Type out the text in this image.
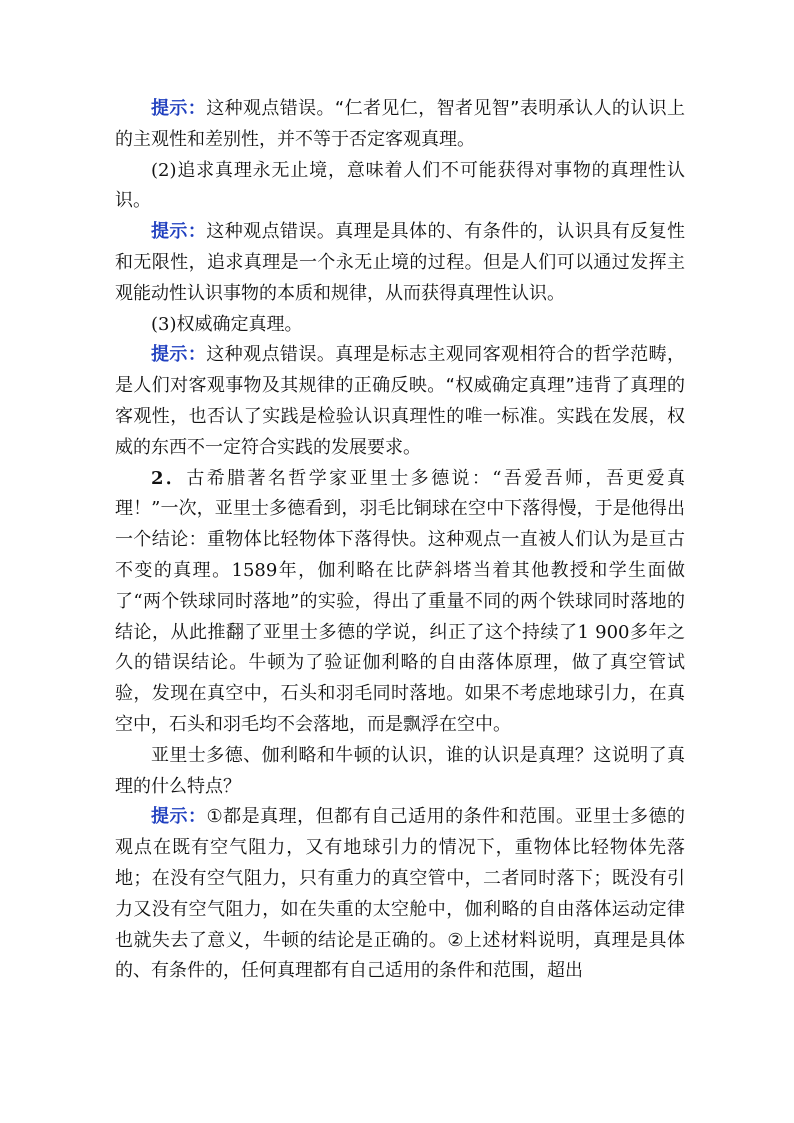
提示：这种观点错误。“仁者见仁，智者见智”表明承认人的认识上的主观性和差别性，并不等于否定客观真理。

(2)追求真理永无止境，意味着人们不可能获得对事物的真理性认识。

提示：这种观点错误。真理是具体的、有条件的，认识具有反复性和无限性，追求真理是一个永无止境的过程。但是人们可以通过发挥主观能动性认识事物的本质和规律，从而获得真理性认识。

(3)权威确定真理。

提示：这种观点错误。真理是标志主观同客观相符合的哲学范畴，是人们对客观事物及其规律的正确反映。“权威确定真理”违背了真理的客观性，也否认了实践是检验认识真理性的唯一标准。实践在发展，权威的东西不一定符合实践的发展要求。

2．古希腊著名哲学家亚里士多德说：“吾爱吾师，吾更爱真理！”一次，亚里士多德看到，羽毛比铜球在空中下落得慢，于是他得出一个结论：重物体比轻物体下落得快。这种观点一直被人们认为是亘古不变的真理。1589年，伽利略在比萨斜塔当着其他教授和学生面做了“两个铁球同时落地”的实验，得出了重量不同的两个铁球同时落地的结论，从此推翻了亚里士多德的学说，纠正了这个持续了1 900多年之久的错误结论。牛顿为了验证伽利略的自由落体原理，做了真空管试验，发现在真空中，石头和羽毛同时落地。如果不考虑地球引力，在真空中，石头和羽毛均不会落地，而是飘浮在空中。

亚里士多德、伽利略和牛顿的认识，谁的认识是真理？这说明了真理的什么特点？

提示：①都是真理，但都有自己适用的条件和范围。亚里士多德的观点在既有空气阻力，又有地球引力的情况下，重物体比轻物体先落地；在没有空气阻力，只有重力的真空管中，二者同时落下；既没有引力又没有空气阻力，如在失重的太空舱中，伽利略的自由落体运动定律也就失去了意义，牛顿的结论是正确的。②上述材料说明，真理是具体的、有条件的，任何真理都有自己适用的条件和范围，超出
